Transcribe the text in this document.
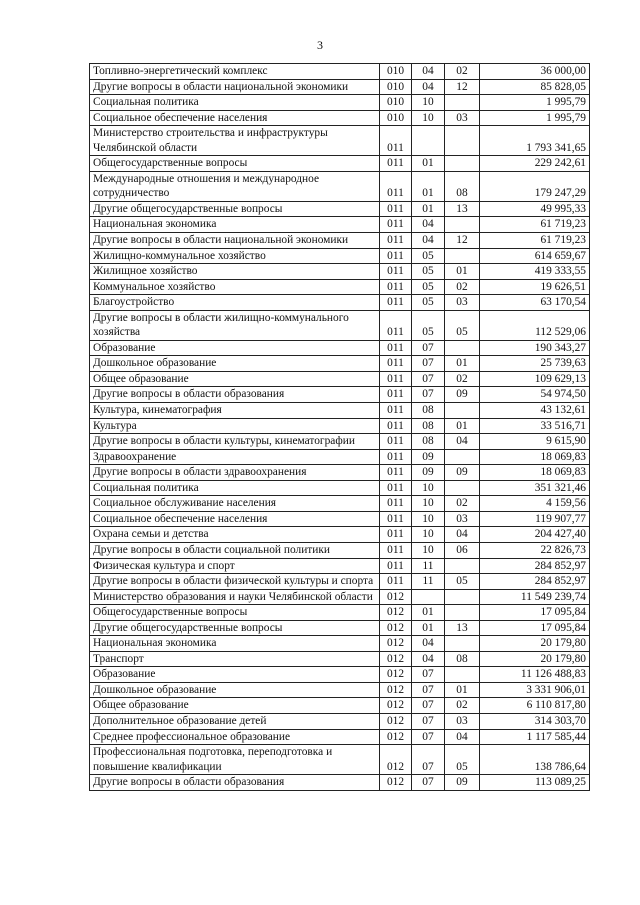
3
Топливно-энергетический комплекс	010	04	02	36 000,00
Другие вопросы в области национальной экономики	010	04	12	85 828,05
Социальная политика	010	10		1 995,79
Социальное обеспечение населения	010	10	03	1 995,79
Министерство строительства и инфраструктуры Челябинской области	011			1 793 341,65
Общегосударственные вопросы	011	01		229 242,61
Международные отношения и международное сотрудничество	011	01	08	179 247,29
Другие общегосударственные вопросы	011	01	13	49 995,33
Национальная экономика	011	04		61 719,23
Другие вопросы в области национальной экономики	011	04	12	61 719,23
Жилищно-коммунальное хозяйство	011	05		614 659,67
Жилищное хозяйство	011	05	01	419 333,55
Коммунальное хозяйство	011	05	02	19 626,51
Благоустройство	011	05	03	63 170,54
Другие вопросы в области жилищно-коммунального хозяйства	011	05	05	112 529,06
Образование	011	07		190 343,27
Дошкольное образование	011	07	01	25 739,63
Общее образование	011	07	02	109 629,13
Другие вопросы в области образования	011	07	09	54 974,50
Культура, кинематография	011	08		43 132,61
Культура	011	08	01	33 516,71
Другие вопросы в области культуры, кинематографии	011	08	04	9 615,90
Здравоохранение	011	09		18 069,83
Другие вопросы в области здравоохранения	011	09	09	18 069,83
Социальная политика	011	10		351 321,46
Социальное обслуживание населения	011	10	02	4 159,56
Социальное обеспечение населения	011	10	03	119 907,77
Охрана семьи и детства	011	10	04	204 427,40
Другие вопросы в области социальной политики	011	10	06	22 826,73
Физическая культура и спорт	011	11		284 852,97
Другие вопросы в области физической культуры и спорта	011	11	05	284 852,97
Министерство образования и науки Челябинской области	012			11 549 239,74
Общегосударственные вопросы	012	01		17 095,84
Другие общегосударственные вопросы	012	01	13	17 095,84
Национальная экономика	012	04		20 179,80
Транспорт	012	04	08	20 179,80
Образование	012	07		11 126 488,83
Дошкольное образование	012	07	01	3 331 906,01
Общее образование	012	07	02	6 110 817,80
Дополнительное образование детей	012	07	03	314 303,70
Среднее профессиональное образование	012	07	04	1 117 585,44
Профессиональная подготовка, переподготовка и повышение квалификации	012	07	05	138 786,64
Другие вопросы в области образования	012	07	09	113 089,25
